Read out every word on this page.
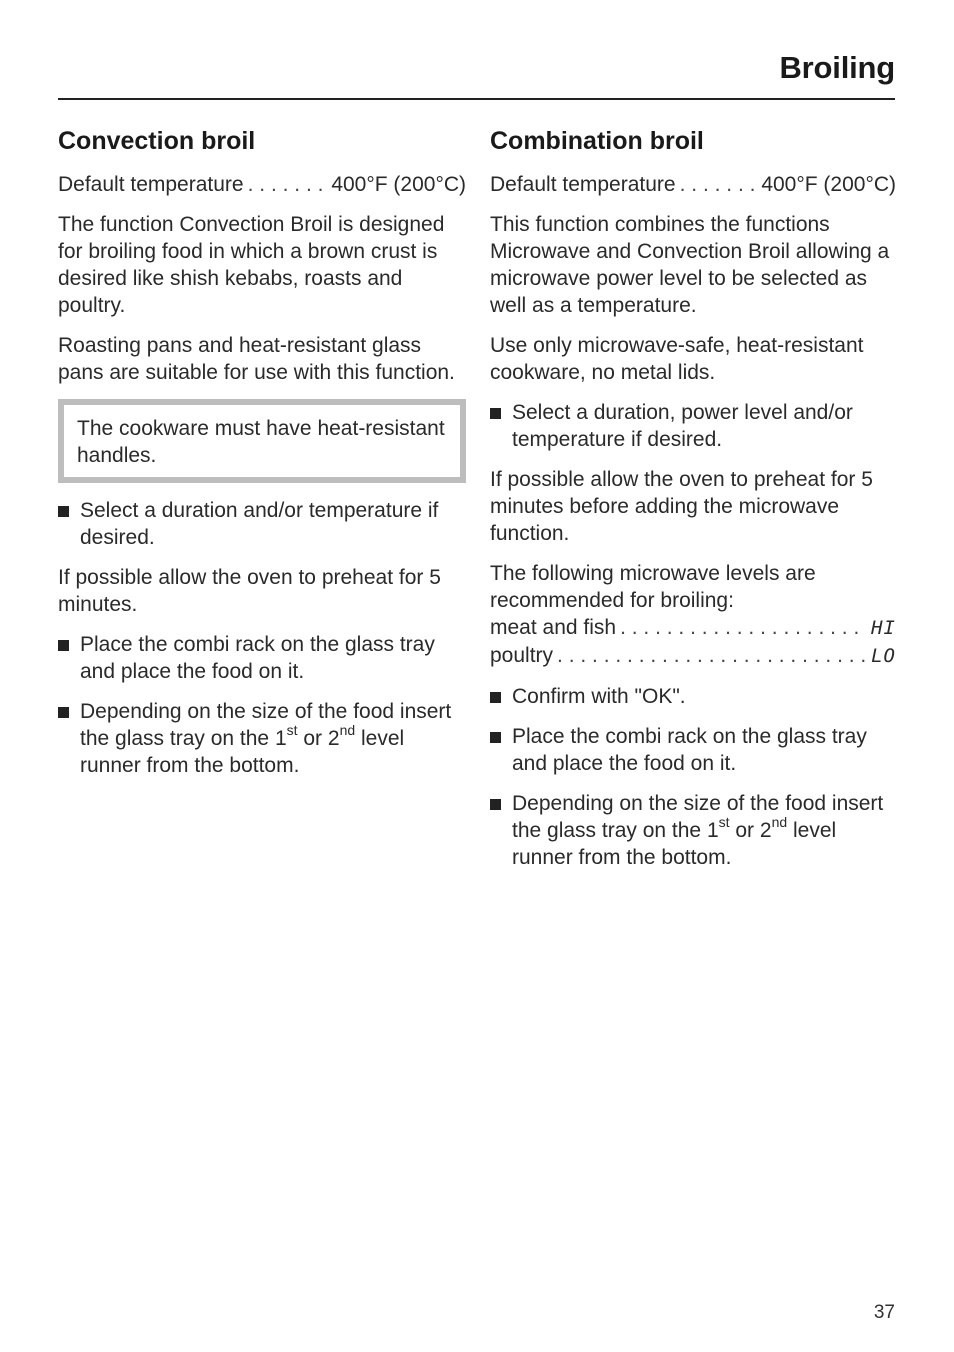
Broiling
Convection broil

Default temperature . . .	400°F (200°C)

The function Convection Broil is designed for broiling food in which a brown crust is desired like shish kebabs, roasts and poultry.

Roasting pans and heat-resistant glass pans are suitable for use with this function.

The cookware must have heat-resistant handles.

Select a duration and/or temperature if desired.

If possible allow the oven to preheat for 5 minutes.

Place the combi rack on the glass tray and place the food on it.
Depending on the size of the food insert the glass tray on the 1st or 2nd level runner from the bottom.
Combination broil

Default temperature . . .	400°F (200°C)

This function combines the functions Microwave and Convection Broil allowing a microwave power level to be selected as well as a temperature.

Use only microwave-safe, heat-resistant cookware, no metal lids.

Select a duration, power level and/or temperature if desired.

If possible allow the oven to preheat for 5 minutes before adding the microwave function.

The following microwave levels are recommended for broiling:

meat and fish . . .	HI

poultry . . .	LO

Confirm with "OK".
Place the combi rack on the glass tray and place the food on it.
Depending on the size of the food insert the glass tray on the 1st or 2nd level runner from the bottom.
37
